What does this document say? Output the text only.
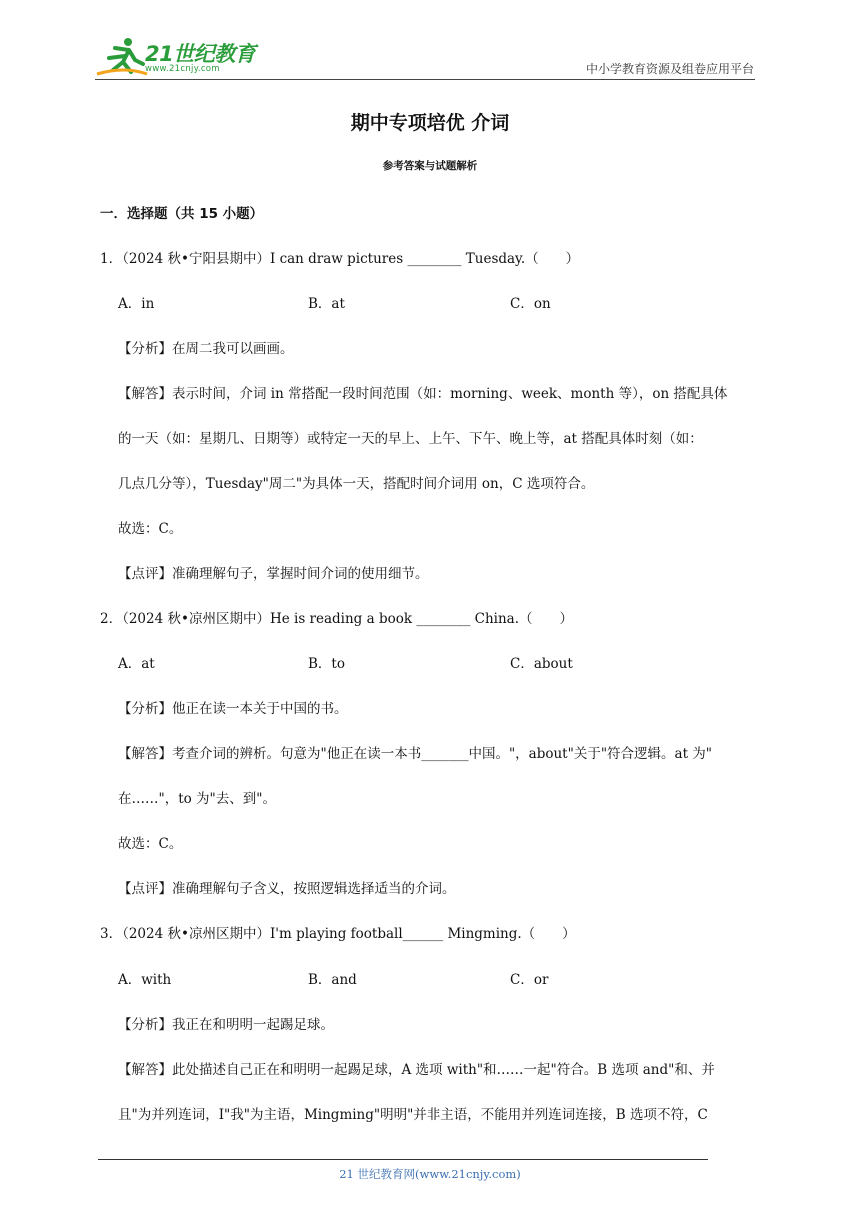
21世纪教育
www.21cnjy.com	中小学教育资源及组卷应用平台
期中专项培优 介词
参考答案与试题解析
一．选择题（共 15 小题）
1．（2024 秋•宁阳县期中）I can draw pictures ________ Tuesday.（　　）
A．in	B．at	C．on
【分析】在周二我可以画画。
【解答】表示时间，介词 in 常搭配一段时间范围（如：morning、week、month 等），on 搭配具体
的一天（如：星期几、日期等）或特定一天的早上、上午、下午、晚上等，at 搭配具体时刻（如：
几点几分等），Tuesday"周二"为具体一天，搭配时间介词用 on，C 选项符合。
故选：C。
【点评】准确理解句子，掌握时间介词的使用细节。
2．（2024 秋•凉州区期中）He is reading a book ________ China.（　　）
A．at	B．to	C．about
【分析】他正在读一本关于中国的书。
【解答】考查介词的辨析。句意为"他正在读一本书_______中国。"，about"关于"符合逻辑。at 为"
在……"，to 为"去、到"。
故选：C。
【点评】准确理解句子含义，按照逻辑选择适当的介词。
3．（2024 秋•凉州区期中）I'm playing football______ Mingming.（　　）
A．with	B．and	C．or
【分析】我正在和明明一起踢足球。
【解答】此处描述自己正在和明明一起踢足球，A 选项 with"和……一起"符合。B 选项 and"和、并
且"为并列连词，I"我"为主语，Mingming"明明"并非主语，不能用并列连词连接，B 选项不符，C
21 世纪教育网(www.21cnjy.com)
